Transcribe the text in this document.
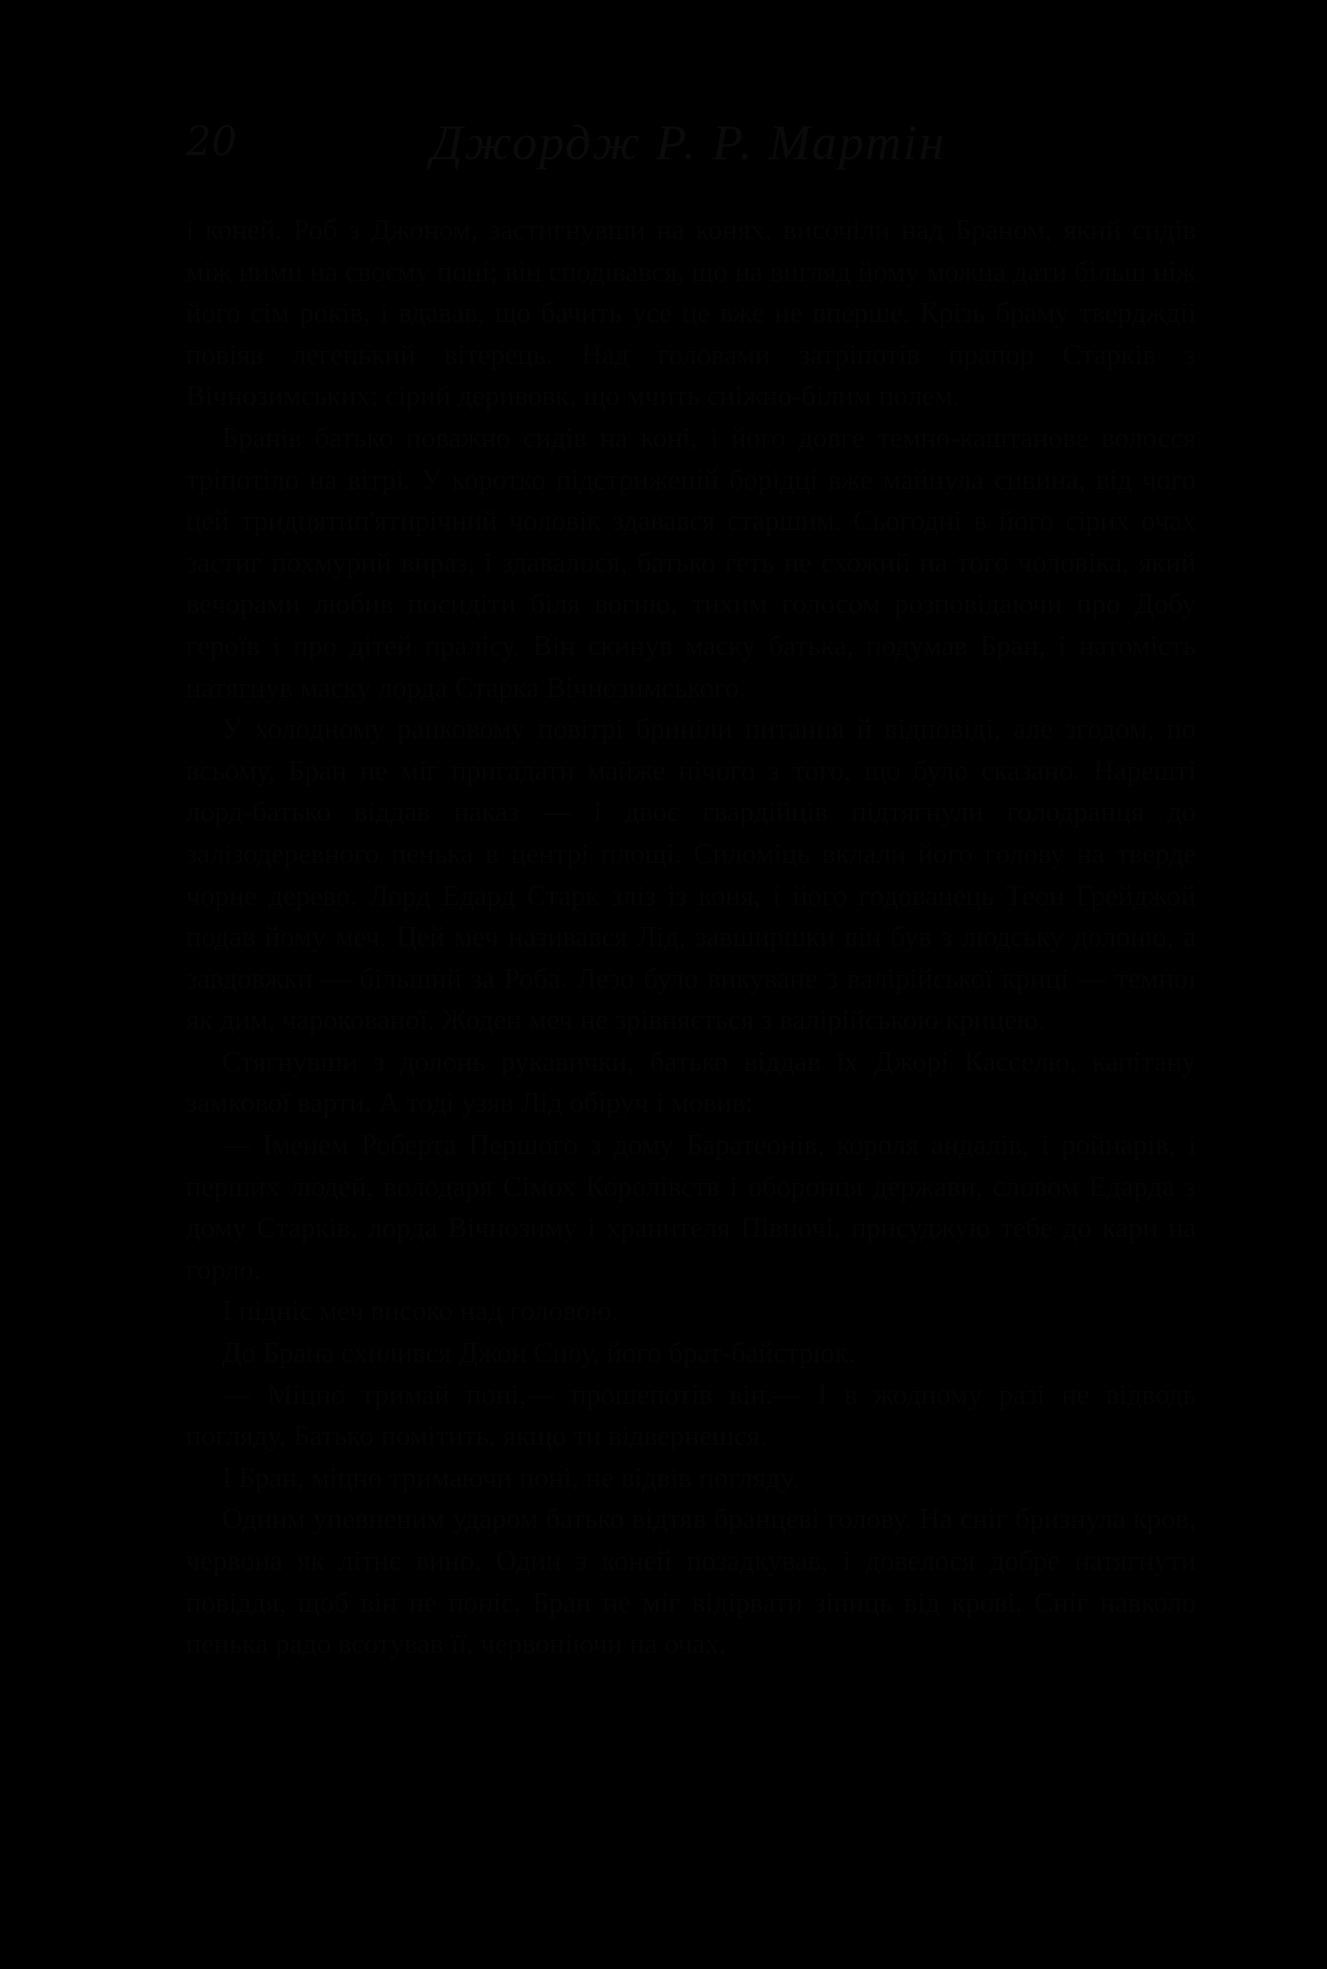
20	Джордж Р. Р. Мартін

і коней. Роб з Джоном, застигнувши на конях, височіли над Браном, який сидів між ними на своєму поні; він сподівався, що на вигляд йому можна дати більш ніж його сім років, і вдавав, що бачить усе це вже не вперше. Крізь браму твердждіі повіяв легенький вітерець. Над головами затріпотів прапор Старків з Вічнозимських: сірий деривовк, що мчить сніжно-білим полем.

Бранів батько поважно сидів на коні, і його довге темно-каштанове волосся тріпотіло на вітрі. У коротко підстриженій борідці вже майнула сивина, від чого цей тридцятип'ятирічний чоловік здавався старшим. Сьогодні в його сірих очах застиг похмурий вираз, і здавалося, батько геть не схожий на того чоловіка, який вечорами любив посидіти біля вогню, тихим голосом розповідаючи про Добу героїв і про дітей пралісу. Він скинув маску батька, подумав Бран, і натомість натягнув маску лорда Старка Вічнозимського.

У холодному ранковому повітрі бриніли питання й відповіді, але згодом, по всьому, Бран не міг пригадати майже нічого з того, що було сказано. Нарешті лорд-батько віддав наказ — і двоє гвардійців підтягнули голодранця до залізодеревного пенька в центрі площі. Силоміць вклали його голову на тверде чорне дерево. Лорд Едард Старк зліз із коня, і його годованець Теон Грейджой подав йому меч. Цей меч називався Лід, завширшки він був з людську долоню, а завдовжки — більший за Роба. Лезо було викуване з валірійської криці — темної як дим, чарокованої. Жоден меч не зрівняється з валірійською крицею.

Стягнувши з долонь рукавички, батько віддав їх Джорі Касселю, капітану замкової варти. А тоді узяв Лід обіруч і мовив:

— Іменем Роберта Першого з дому Баратеонів, короля андалів, і ройнарів, і перших людей, володаря Сімох Королівств і оборонця держави, словом Едарда з дому Старків, лорда Вічнозиму і хранителя Півночі, присуджую тебе до кари на горло.

І підніс меч високо над головою.

До Брана схилився Джон Сноу, його брат-байстрюк.

— Міцно тримай поні,— прошепотів він.— І в жодному разі не відводь погляду. Батько помітить, якщо ти відвернешся.

І Бран, міцно тримаючи поні, не відвів погляду.

Одним упевненим ударом батько відтяв бранцеві голову. На сніг бризнула кров, червона як літнє вино. Один з коней позадкував, і довелося добре натягнути повіддя, щоб він не поніс. Бран не міг відірвати зіниць від крові. Сніг навколо пенька радо всотував її, червоніючи на очах.
